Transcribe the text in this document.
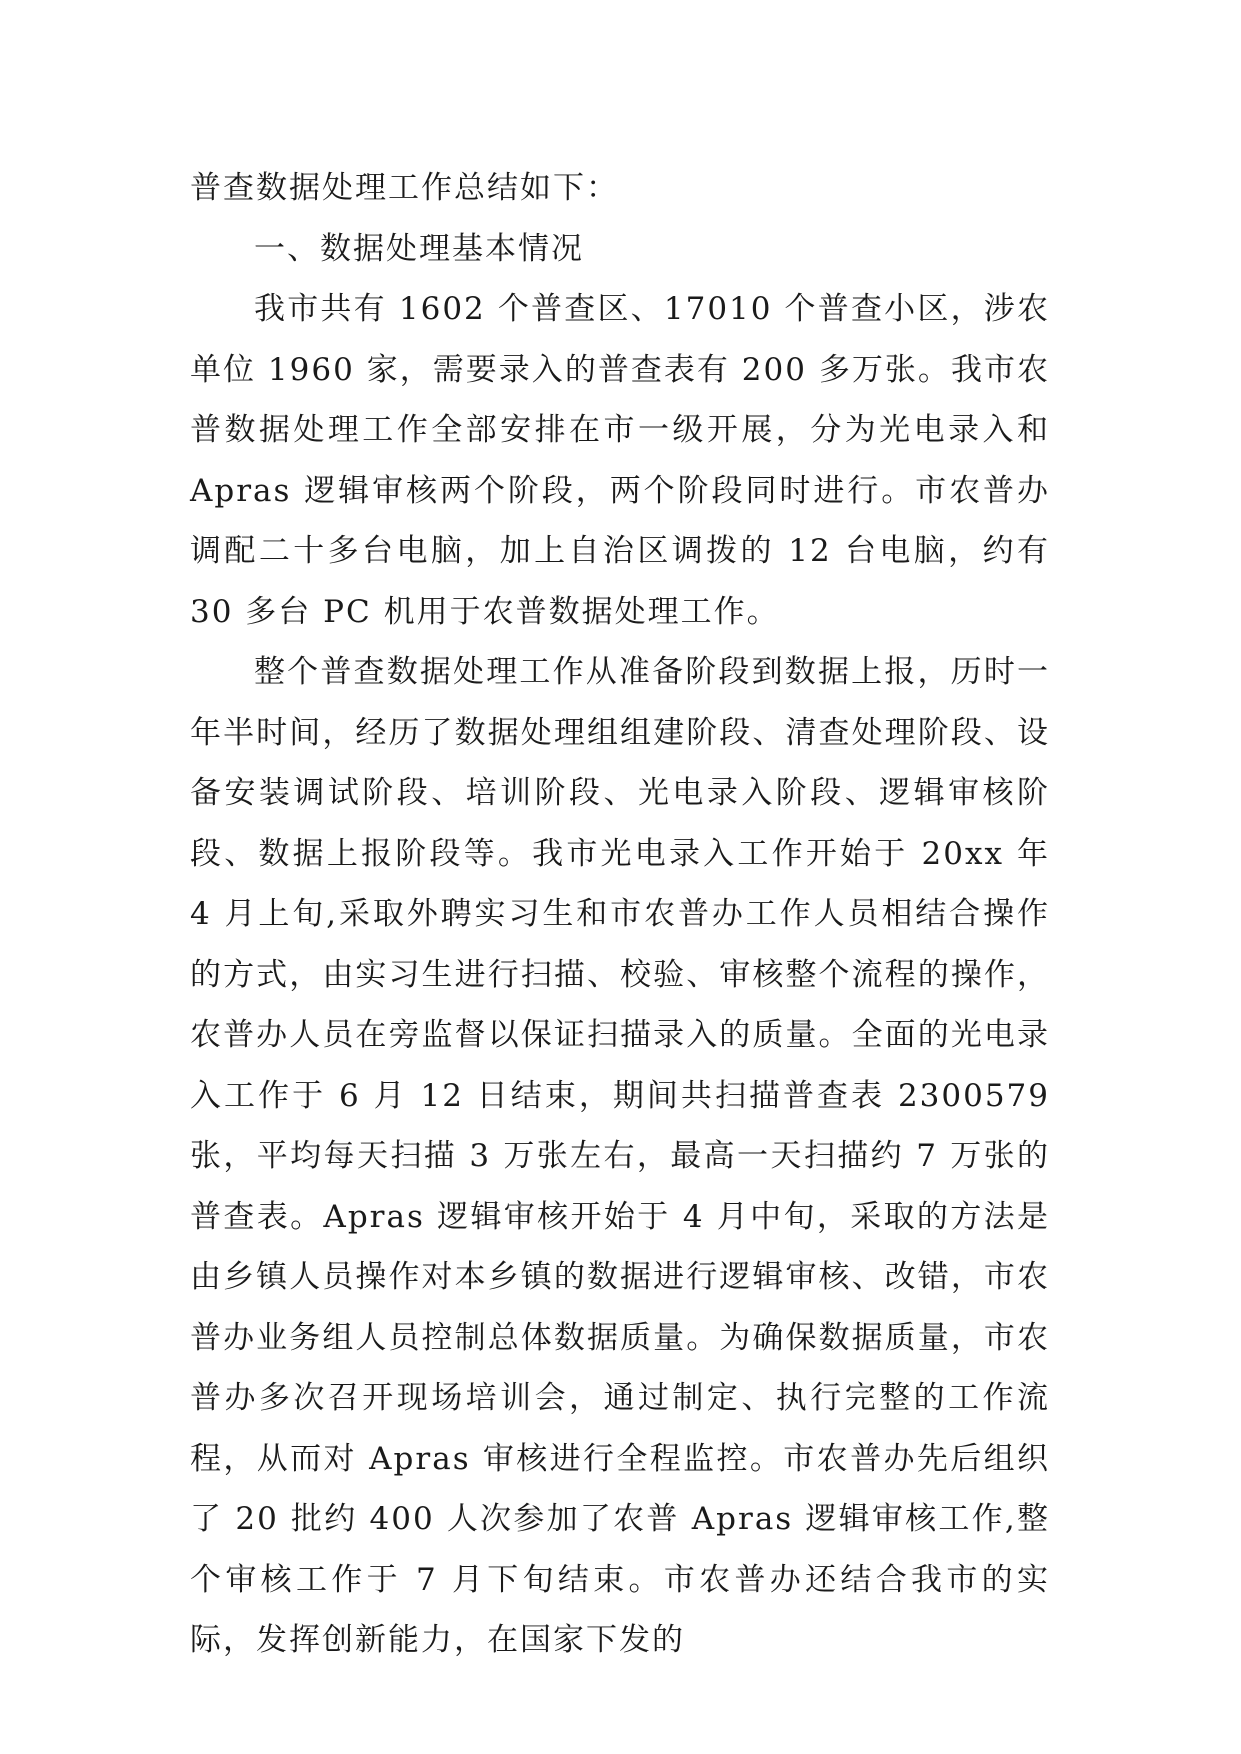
普查数据处理工作总结如下：

一、数据处理基本情况

我市共有 1602 个普查区、17010 个普查小区，涉农单位 1960 家，需要录入的普查表有 200 多万张。我市农普数据处理工作全部安排在市一级开展，分为光电录入和 Apras 逻辑审核两个阶段，两个阶段同时进行。市农普办调配二十多台电脑，加上自治区调拨的 12 台电脑，约有 30 多台 PC 机用于农普数据处理工作。

整个普查数据处理工作从准备阶段到数据上报，历时一年半时间，经历了数据处理组组建阶段、清查处理阶段、设备安装调试阶段、培训阶段、光电录入阶段、逻辑审核阶段、数据上报阶段等。我市光电录入工作开始于 20xx 年 4 月上旬,采取外聘实习生和市农普办工作人员相结合操作的方式，由实习生进行扫描、校验、审核整个流程的操作，农普办人员在旁监督以保证扫描录入的质量。全面的光电录入工作于 6 月 12 日结束，期间共扫描普查表 2300579 张，平均每天扫描 3 万张左右，最高一天扫描约 7 万张的普查表。Apras 逻辑审核开始于 4 月中旬，采取的方法是由乡镇人员操作对本乡镇的数据进行逻辑审核、改错，市农普办业务组人员控制总体数据质量。为确保数据质量，市农普办多次召开现场培训会，通过制定、执行完整的工作流程，从而对 Apras 审核进行全程监控。市农普办先后组织了 20 批约 400 人次参加了农普 Apras 逻辑审核工作,整个审核工作于 7 月下旬结束。市农普办还结合我市的实际，发挥创新能力，在国家下发的
